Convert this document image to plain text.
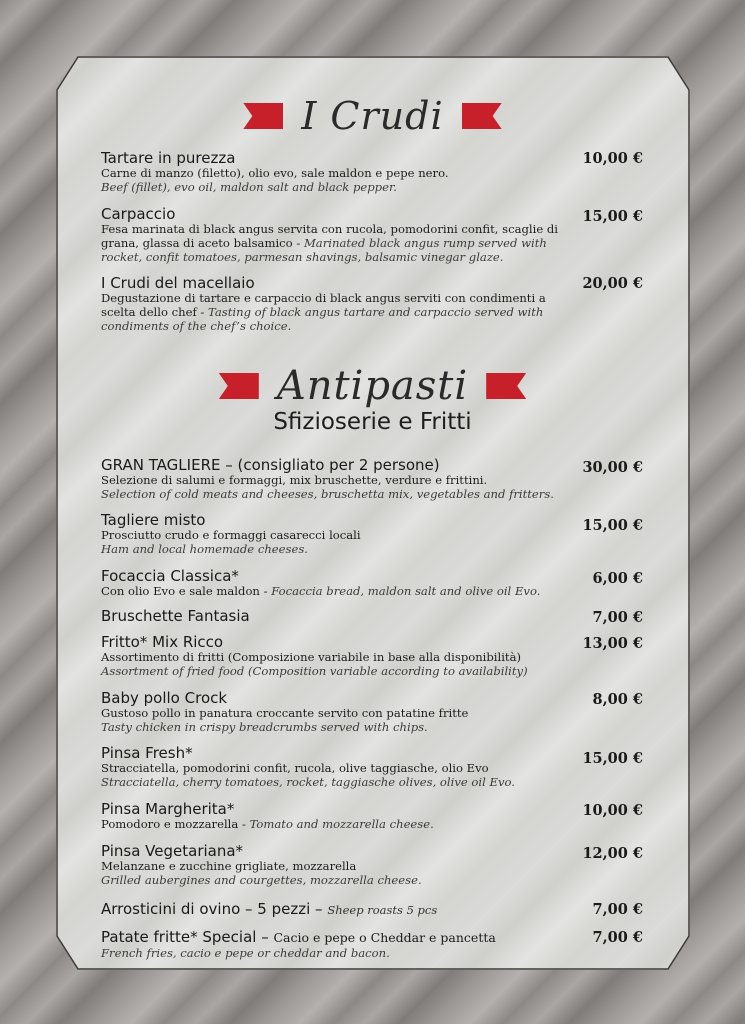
I Crudi
Tartare in purezza
Carne di manzo (filetto), olio evo, sale maldon e pepe nero.
Beef (fillet), evo oil, maldon salt and black pepper.
10,00 €
Carpaccio
Fesa marinata di black angus servita con rucola, pomodorini confit, scaglie di grana, glassa di aceto balsamico - Marinated black angus rump served with rocket, confit tomatoes, parmesan shavings, balsamic vinegar glaze.
15,00 €
I Crudi del macellaio
Degustazione di tartare e carpaccio di black angus serviti con condimenti a scelta dello chef - Tasting of black angus tartare and carpaccio served with condiments of the chef’s choice.
20,00 €
Antipasti
Sfizioserie e Fritti
GRAN TAGLIERE – (consigliato per 2 persone)
Selezione di salumi e formaggi, mix bruschette, verdure e frittini.
Selection of cold meats and cheeses, bruschetta mix, vegetables and fritters.
30,00 €
Tagliere misto
Prosciutto crudo e formaggi casarecci locali
Ham and local homemade cheeses.
15,00 €
Focaccia Classica*
Con olio Evo e sale maldon - Focaccia bread, maldon salt and olive oil Evo.
6,00 €
Bruschette Fantasia	7,00 €
Fritto* Mix Ricco
Assortimento di fritti (Composizione variabile in base alla disponibilità)
Assortment of fried food (Composition variable according to availability)
13,00 €
Baby pollo Crock
Gustoso pollo in panatura croccante servito con patatine fritte
Tasty chicken in crispy breadcrumbs served with chips.
8,00 €
Pinsa Fresh*
Stracciatella, pomodorini confit, rucola, olive taggiasche, olio Evo
Stracciatella, cherry tomatoes, rocket, taggiasche olives, olive oil Evo.
15,00 €
Pinsa Margherita*
Pomodoro e mozzarella - Tomato and mozzarella cheese.
10,00 €
Pinsa Vegetariana*
Melanzane e zucchine grigliate, mozzarella
Grilled aubergines and courgettes, mozzarella cheese.
12,00 €
Arrosticini di ovino – 5 pezzi – Sheep roasts 5 pcs	7,00 €
Patate fritte* Special – Cacio e pepe o Cheddar e pancetta
French fries, cacio e pepe or cheddar and bacon.
7,00 €
